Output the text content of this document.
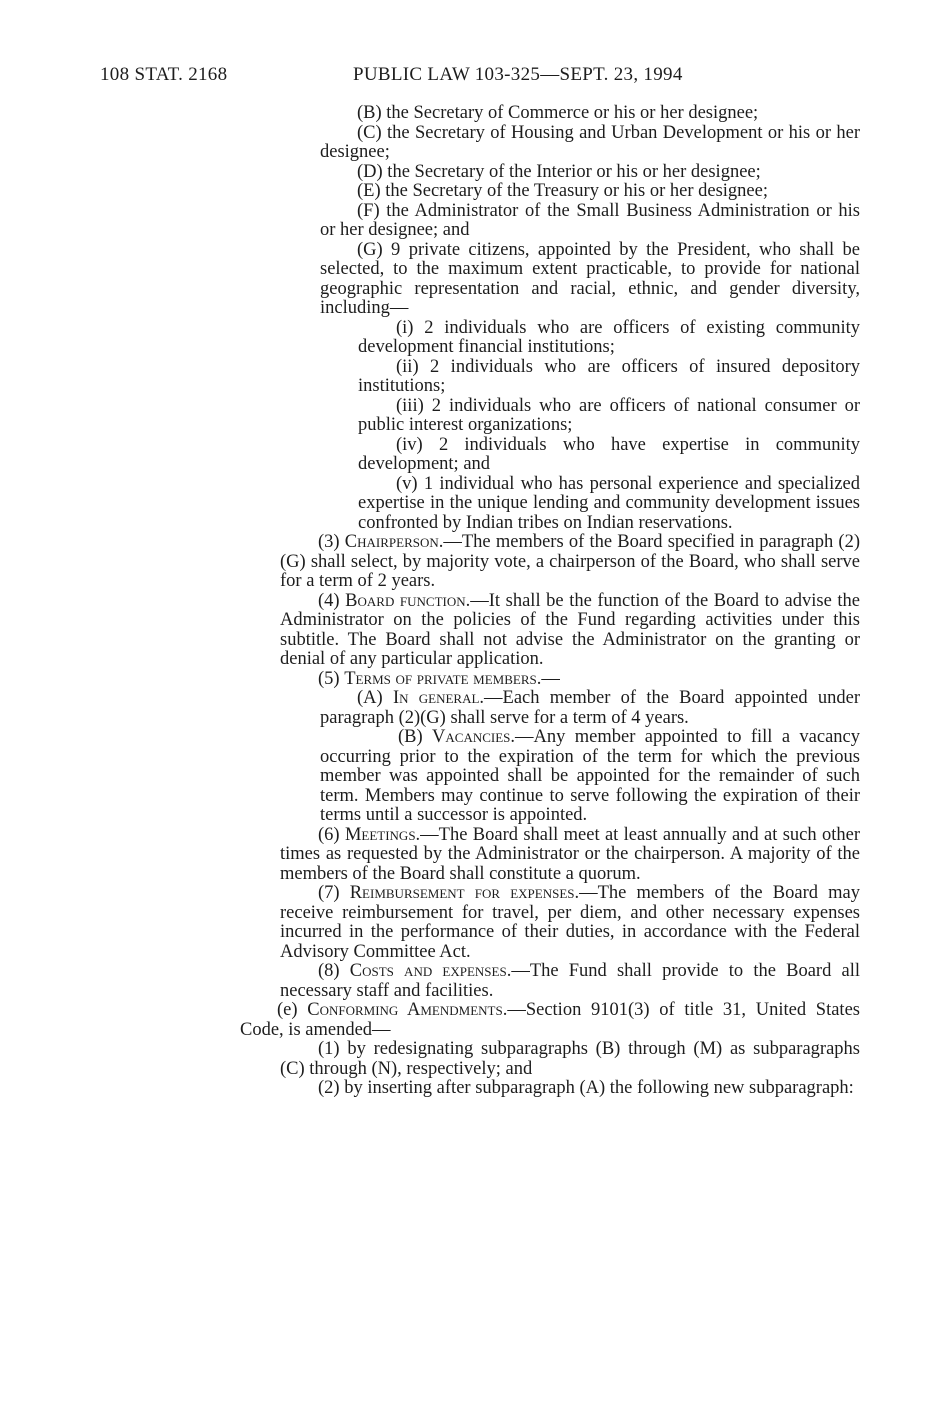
108 STAT. 2168	PUBLIC LAW 103-325—SEPT. 23, 1994
(B) the Secretary of Commerce or his or her designee;
(C) the Secretary of Housing and Urban Development or his or her designee;
(D) the Secretary of the Interior or his or her designee;
(E) the Secretary of the Treasury or his or her designee;
(F) the Administrator of the Small Business Administration or his or her designee; and
(G) 9 private citizens, appointed by the President, who shall be selected, to the maximum extent practicable, to provide for national geographic representation and racial, ethnic, and gender diversity, including—
(i) 2 individuals who are officers of existing community development financial institutions;
(ii) 2 individuals who are officers of insured depository institutions;
(iii) 2 individuals who are officers of national consumer or public interest organizations;
(iv) 2 individuals who have expertise in community development; and
(v) 1 individual who has personal experience and specialized expertise in the unique lending and community development issues confronted by Indian tribes on Indian reservations.
(3) Chairperson.—The members of the Board specified in paragraph (2)(G) shall select, by majority vote, a chairperson of the Board, who shall serve for a term of 2 years.
(4) Board function.—It shall be the function of the Board to advise the Administrator on the policies of the Fund regarding activities under this subtitle. The Board shall not advise the Administrator on the granting or denial of any particular application.
(5) Terms of private members.—
(A) In general.—Each member of the Board appointed under paragraph (2)(G) shall serve for a term of 4 years.
(B) Vacancies.—Any member appointed to fill a vacancy occurring prior to the expiration of the term for which the previous member was appointed shall be appointed for the remainder of such term. Members may continue to serve following the expiration of their terms until a successor is appointed.
(6) Meetings.—The Board shall meet at least annually and at such other times as requested by the Administrator or the chairperson. A majority of the members of the Board shall constitute a quorum.
(7) Reimbursement for expenses.—The members of the Board may receive reimbursement for travel, per diem, and other necessary expenses incurred in the performance of their duties, in accordance with the Federal Advisory Committee Act.
(8) Costs and expenses.—The Fund shall provide to the Board all necessary staff and facilities.
(e) Conforming Amendments.—Section 9101(3) of title 31, United States Code, is amended—
(1) by redesignating subparagraphs (B) through (M) as subparagraphs (C) through (N), respectively; and
(2) by inserting after subparagraph (A) the following new subparagraph:
